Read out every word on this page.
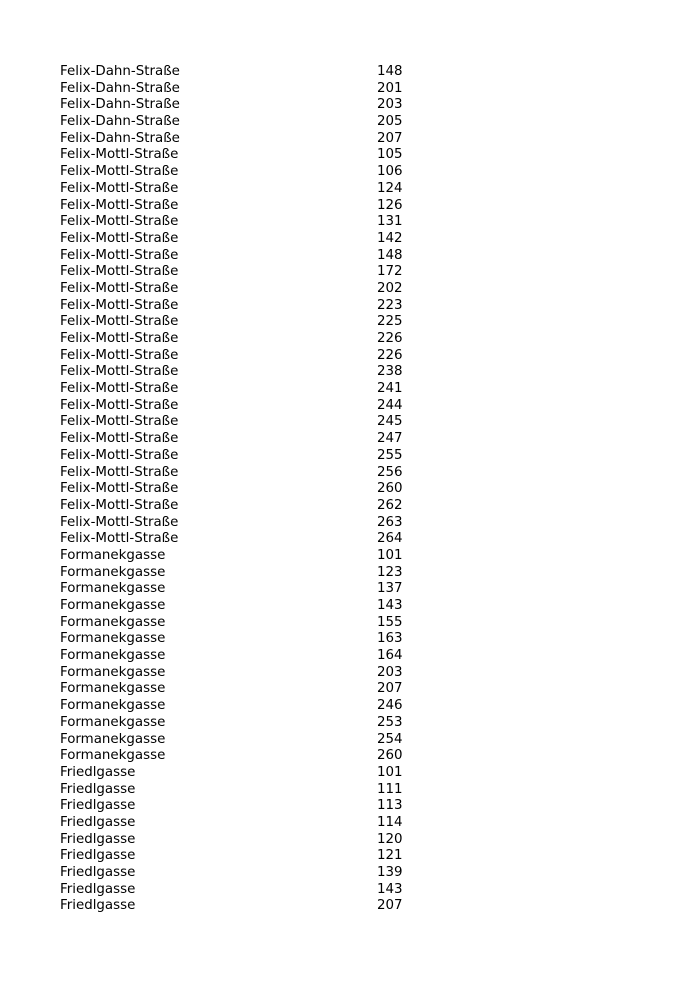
Felix-Dahn-Straße	148
Felix-Dahn-Straße	201
Felix-Dahn-Straße	203
Felix-Dahn-Straße	205
Felix-Dahn-Straße	207
Felix-Mottl-Straße	105
Felix-Mottl-Straße	106
Felix-Mottl-Straße	124
Felix-Mottl-Straße	126
Felix-Mottl-Straße	131
Felix-Mottl-Straße	142
Felix-Mottl-Straße	148
Felix-Mottl-Straße	172
Felix-Mottl-Straße	202
Felix-Mottl-Straße	223
Felix-Mottl-Straße	225
Felix-Mottl-Straße	226
Felix-Mottl-Straße	226
Felix-Mottl-Straße	238
Felix-Mottl-Straße	241
Felix-Mottl-Straße	244
Felix-Mottl-Straße	245
Felix-Mottl-Straße	247
Felix-Mottl-Straße	255
Felix-Mottl-Straße	256
Felix-Mottl-Straße	260
Felix-Mottl-Straße	262
Felix-Mottl-Straße	263
Felix-Mottl-Straße	264
Formanekgasse	101
Formanekgasse	123
Formanekgasse	137
Formanekgasse	143
Formanekgasse	155
Formanekgasse	163
Formanekgasse	164
Formanekgasse	203
Formanekgasse	207
Formanekgasse	246
Formanekgasse	253
Formanekgasse	254
Formanekgasse	260
Friedlgasse	101
Friedlgasse	111
Friedlgasse	113
Friedlgasse	114
Friedlgasse	120
Friedlgasse	121
Friedlgasse	139
Friedlgasse	143
Friedlgasse	207
